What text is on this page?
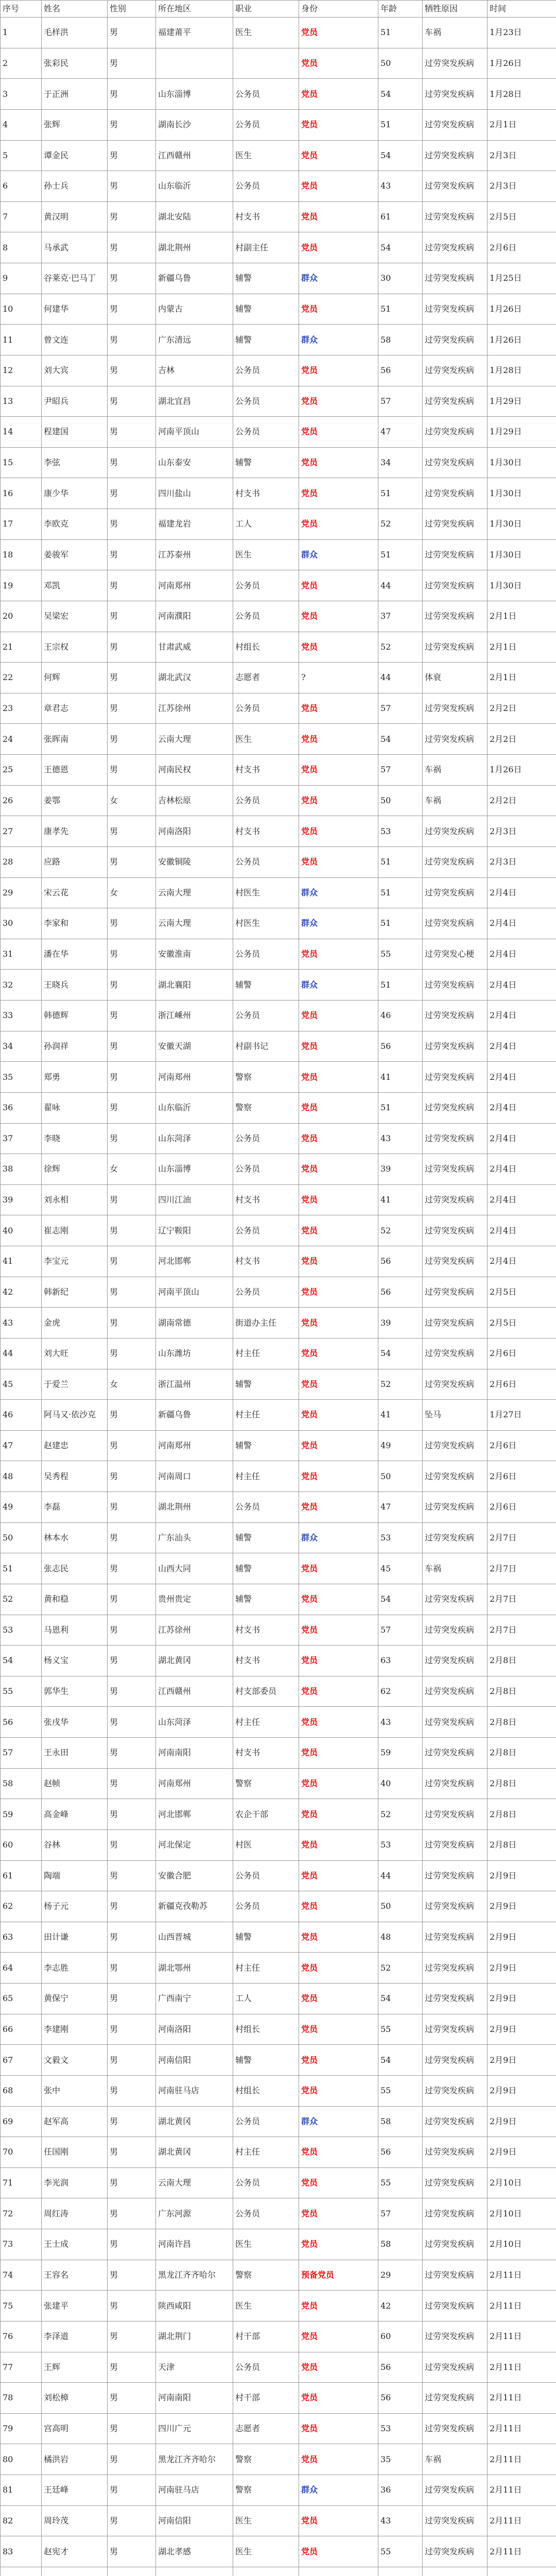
序号	姓名	性别	所在地区	职业	身份	年龄	牺牲原因	时间
1	毛样洪	男	福建莆平	医生	党员	51	车祸	1月23日
2	张彩民	男			党员	50	过劳突发疾病	1月26日
3	于正洲	男	山东淄博	公务员	党员	54	过劳突发疾病	1月28日
4	张辉	男	湖南长沙	公务员	党员	51	过劳突发疾病	2月1日
5	谭金民	男	江西赣州	医生	党员	54	过劳突发疾病	2月3日
6	孙士兵	男	山东临沂	公务员	党员	43	过劳突发疾病	2月3日
7	黄汉明	男	湖北安陆	村支书	党员	61	过劳突发疾病	2月5日
8	马承武	男	湖北荆州	村副主任	党员	54	过劳突发疾病	2月6日
9	谷莱克·巴马丁	男	新疆乌鲁	辅警	群众	30	过劳突发疾病	1月25日
10	何建华	男	内蒙古	辅警	党员	51	过劳突发疾病	1月26日
11	曾文连	男	广东清远	辅警	群众	58	过劳突发疾病	1月26日
12	刘大宾	男	吉林	公务员	党员	56	过劳突发疾病	1月28日
13	尹昭兵	男	湖北宜昌	公务员	党员	57	过劳突发疾病	1月29日
14	程建国	男	河南平顶山	公务员	党员	47	过劳突发疾病	1月29日
15	李弦	男	山东泰安	辅警	党员	34	过劳突发疾病	1月30日
16	康少华	男	四川盐山	村支书	党员	51	过劳突发疾病	1月30日
17	李欧克	男	福建龙岩	工人	党员	52	过劳突发疾病	1月30日
18	姜骏军	男	江苏泰州	医生	群众	51	过劳突发疾病	1月30日
19	邓凯	男	河南郑州	公务员	党员	44	过劳突发疾病	1月30日
20	吴梁宏	男	河南濮阳	公务员	党员	37	过劳突发疾病	2月1日
21	王宗权	男	甘肃武威	村组长	党员	52	过劳突发疾病	2月1日
22	何辉	男	湖北武汉	志愿者	?	44	体衰	2月1日
23	章君志	男	江苏徐州	公务员	党员	57	过劳突发疾病	2月2日
24	张晖南	男	云南大理	医生	党员	54	过劳突发疾病	2月2日
25	王德恩	男	河南民权	村支书	党员	57	车祸	1月26日
26	姜鄂	女	吉林松原	公务员	党员	50	车祸	2月2日
27	康孝先	男	河南洛阳	村支书	党员	53	过劳突发疾病	2月3日
28	应路	男	安徽铜陵	公务员	党员	51	过劳突发疾病	2月3日
29	宋云花	女	云南大理	村医生	群众	51	过劳突发疾病	2月4日
30	李家和	男	云南大理	村医生	群众	51	过劳突发疾病	2月4日
31	潘在华	男	安徽淮南	公务员	党员	55	过劳突发心梗	2月4日
32	王晓兵	男	湖北襄阳	辅警	群众	51	过劳突发疾病	2月4日
33	韩德辉	男	浙江嵊州	公务员	党员	46	过劳突发疾病	2月4日
34	孙润祥	男	安徽天湖	村副书记	党员	56	过劳突发疾病	2月4日
35	郑勇	男	河南郑州	警察	党员	41	过劳突发疾病	2月4日
36	翟咏	男	山东临沂	警察	党员	51	过劳突发疾病	2月4日
37	李晓	男	山东菏泽	公务员	党员	43	过劳突发疾病	2月4日
38	徐辉	女	山东淄博	公务员	党员	39	过劳突发疾病	2月4日
39	刘永相	男	四川江油	村支书	党员	41	过劳突发疾病	2月4日
40	崔志刚	男	辽宁鞍阳	公务员	党员	52	过劳突发疾病	2月4日
41	李宝元	男	河北邯郸	村支书	党员	56	过劳突发疾病	2月4日
42	韩新纪	男	河南平顶山	公务员	党员	56	过劳突发疾病	2月5日
43	金虎	男	湖南常德	街道办主任	党员	39	过劳突发疾病	2月5日
44	刘大旺	男	山东潍坊	村主任	党员	54	过劳突发疾病	2月6日
45	于爱兰	女	浙江温州	辅警	党员	52	过劳突发疾病	2月6日
46	阿马又·依沙克	男	新疆乌鲁	村主任	党员	41	坠马	1月27日
47	赵建忠	男	河南郑州	辅警	党员	49	过劳突发疾病	2月6日
48	吴秀程	男	河南周口	村主任	党员	50	过劳突发疾病	2月6日
49	李磊	男	湖北荆州	公务员	党员	47	过劳突发疾病	2月6日
50	林本水	男	广东汕头	辅警	群众	53	过劳突发疾病	2月7日
51	张志民	男	山西大同	辅警	党员	45	车祸	2月7日
52	黄和稳	男	贵州贵定	辅警	党员	54	过劳突发疾病	2月7日
53	马恩利	男	江苏徐州	村支书	党员	57	过劳突发疾病	2月7日
54	杨义宝	男	湖北黄冈	村支书	党员	63	过劳突发疾病	2月8日
55	郭华生	男	江西赣州	村支部委员	党员	62	过劳突发疾病	2月8日
56	张戌华	男	山东菏泽	村主任	党员	43	过劳突发疾病	2月8日
57	王永田	男	河南南阳	村支书	党员	59	过劳突发疾病	2月8日
58	赵帧	男	河南郑州	警察	党员	40	过劳突发疾病	2月8日
59	高金峰	男	河北邯郸	农企干部	党员	52	过劳突发疾病	2月8日
60	谷林	男	河北保定	村医	党员	53	过劳突发疾病	2月8日
61	陶端	男	安徽合肥	公务员	党员	44	过劳突发疾病	2月9日
62	杨子元	男	新疆克孜勒苏	公务员	党员	50	过劳突发疾病	2月9日
63	田计谦	男	山西晋城	辅警	党员	48	过劳突发疾病	2月9日
64	李志胜	男	湖北鄂州	村主任	党员	52	过劳突发疾病	2月9日
65	黄保宁	男	广西南宁	工人	党员	54	过劳突发疾病	2月9日
66	李建刚	男	河南洛阳	村组长	党员	55	过劳突发疾病	2月9日
67	文毅文	男	河南信阳	辅警	党员	54	过劳突发疾病	2月9日
68	张中	男	河南驻马店	村组长	党员	55	过劳突发疾病	2月9日
69	赵军高	男	湖北黄冈	公务员	群众	58	过劳突发疾病	2月9日
70	任国刚	男	湖北黄冈	村主任	党员	56	过劳突发疾病	2月9日
71	李光润	男	云南大理	公务员	党员	55	过劳突发疾病	2月10日
72	周红涛	男	广东河源	公务员	党员	57	过劳突发疾病	2月10日
73	王士成	男	河南许昌	医生	党员	58	过劳突发疾病	2月10日
74	王容名	男	黑龙江齐齐哈尔	警察	预备党员	29	过劳突发疾病	2月11日
75	张建平	男	陕西咸阳	医生	党员	42	过劳突发疾病	2月11日
76	李泽道	男	湖北荆门	村干部	党员	60	过劳突发疾病	2月11日
77	王辉	男	天津	公务员	党员	56	过劳突发疾病	2月11日
78	刘松樟	男	河南南阳	村干部	党员	56	过劳突发疾病	2月11日
79	宫高明	男	四川广元	志愿者	党员	53	过劳突发疾病	2月11日
80	橘洪岩	男	黑龙江齐齐哈尔	警察	党员	35	车祸	2月11日
81	王廷峰	男	河南驻马店	警察	群众	36	过劳突发疾病	2月11日
82	周玲茂	男	河南信阳	医生	党员	43	过劳突发疾病	2月11日
83	赵宪才	男	湖北孝感	医生	党员	55	过劳突发疾病	2月11日
